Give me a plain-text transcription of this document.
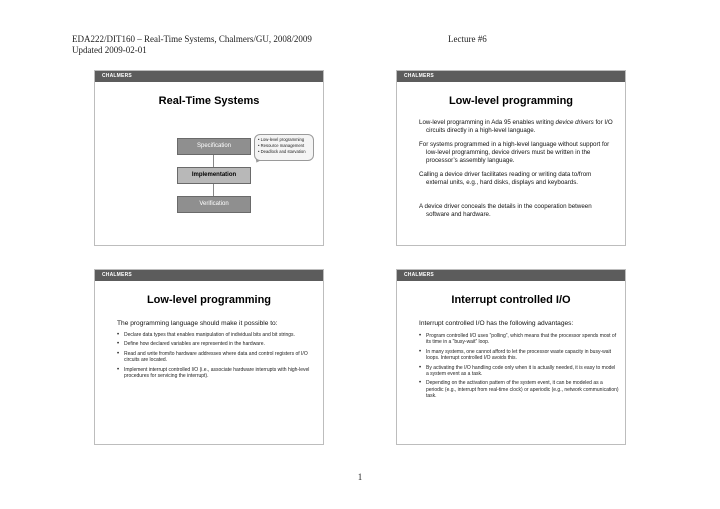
EDA222/DIT160 – Real-Time Systems, Chalmers/GU, 2008/2009
Updated 2009-02-01
Lecture #6
CHALMERS
Real-Time Systems
Specification
Implementation
Verification
• Low-level programming
• Resource management
• Deadlock and starvation
CHALMERS
Low-level programming
Low-level programming in Ada 95 enables writing device drivers for I/O circuits directly in a high-level language.
For systems programmed in a high-level language without support for low-level programming, device drivers must be written in the processor’s assembly language.
Calling a device driver facilitates reading or writing data to/from external units, e.g., hard disks, displays and keyboards.
A device driver conceals the details in the cooperation between software and hardware.
CHALMERS
Low-level programming
The programming language should make it possible to:
• Declare data types that enables manipulation of individual bits and bit strings.
• Define how declared variables are represented in the hardware.
• Read and write from/to hardware addresses where data and control registers of I/O circuits are located.
• Implement interrupt controlled I/O (i.e., associate hardware interrupts with high-level procedures for servicing the interrupt).
CHALMERS
Interrupt controlled I/O
Interrupt controlled I/O has the following advantages:
• Program controlled I/O uses “polling”, which means that the processor spends most of its time in a “busy-wait” loop.
• In many systems, one cannot afford to let the processor waste capacity in busy-wait loops. Interrupt controlled I/O avoids this.
• By activating the I/O handling code only when it is actually needed, it is easy to model a system event as a task.
• Depending on the activation pattern of the system event, it can be modeled as a periodic (e.g., interrupt from real-time clock) or aperiodic (e.g., network communication) task.
1
